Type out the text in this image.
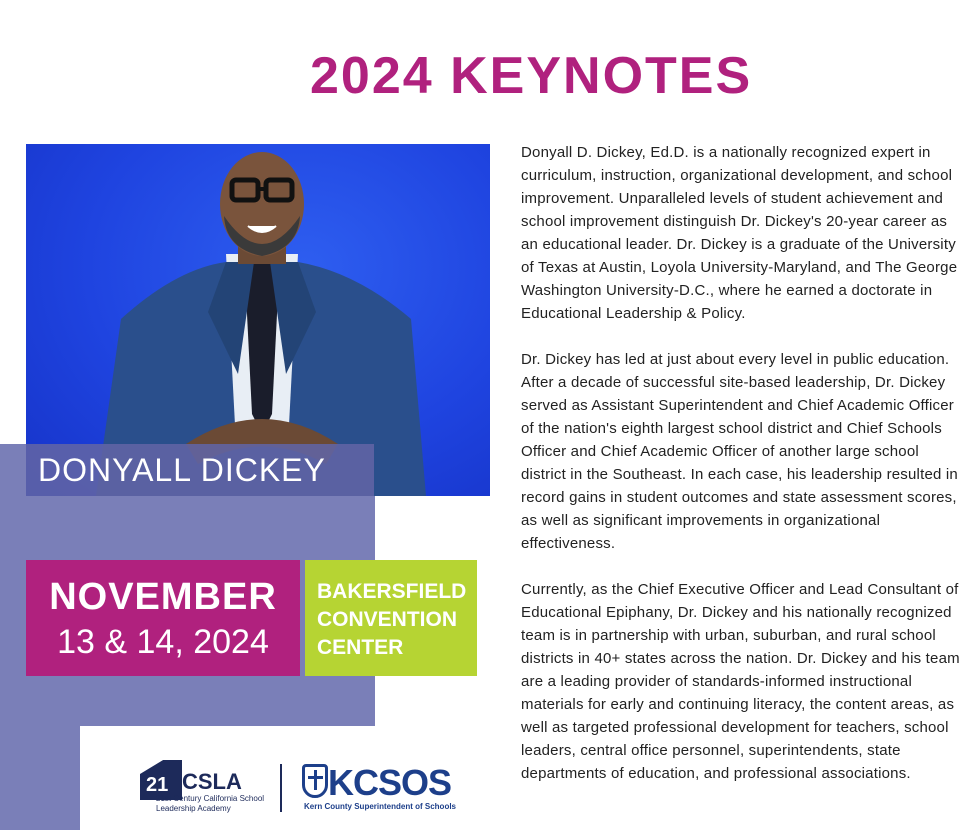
2024 KEYNOTES
DONYALL DICKEY
NOVEMBER
13 & 14, 2024
BAKERSFIELD
CONVENTION
CENTER

Donyall D. Dickey, Ed.D. is a nationally recognized expert in curriculum, instruction, organizational development, and school improvement. Unparalleled levels of student achievement and school improvement distinguish Dr. Dickey's 20-year career as an educational leader. Dr. Dickey is a graduate of the University of Texas at Austin, Loyola University-Maryland, and The George Washington University-D.C., where he earned a doctorate in Educational Leadership & Policy.

Dr. Dickey has led at just about every level in public education. After a decade of successful site-based leadership, Dr. Dickey served as Assistant Superintendent and Chief Academic Officer of the nation's eighth largest school district and Chief Schools Officer and Chief Academic Officer of another large school district in the Southeast. In each case, his leadership resulted in record gains in student outcomes and state assessment scores, as well as significant improvements in organizational effectiveness.

Currently, as the Chief Executive Officer and Lead Consultant of Educational Epiphany, Dr. Dickey and his nationally recognized team is in partnership with urban, suburban, and rural school districts in 40+ states across the nation. Dr. Dickey and his team are a leading provider of standards-informed instructional materials for early and continuing literacy, the content areas, as well as targeted professional development for teachers, school leaders, central office personnel, superintendents, state departments of education, and professional associations.

21 CSLA
21st Century California School Leadership Academy
KCSOS
Kern County Superintendent of Schools
